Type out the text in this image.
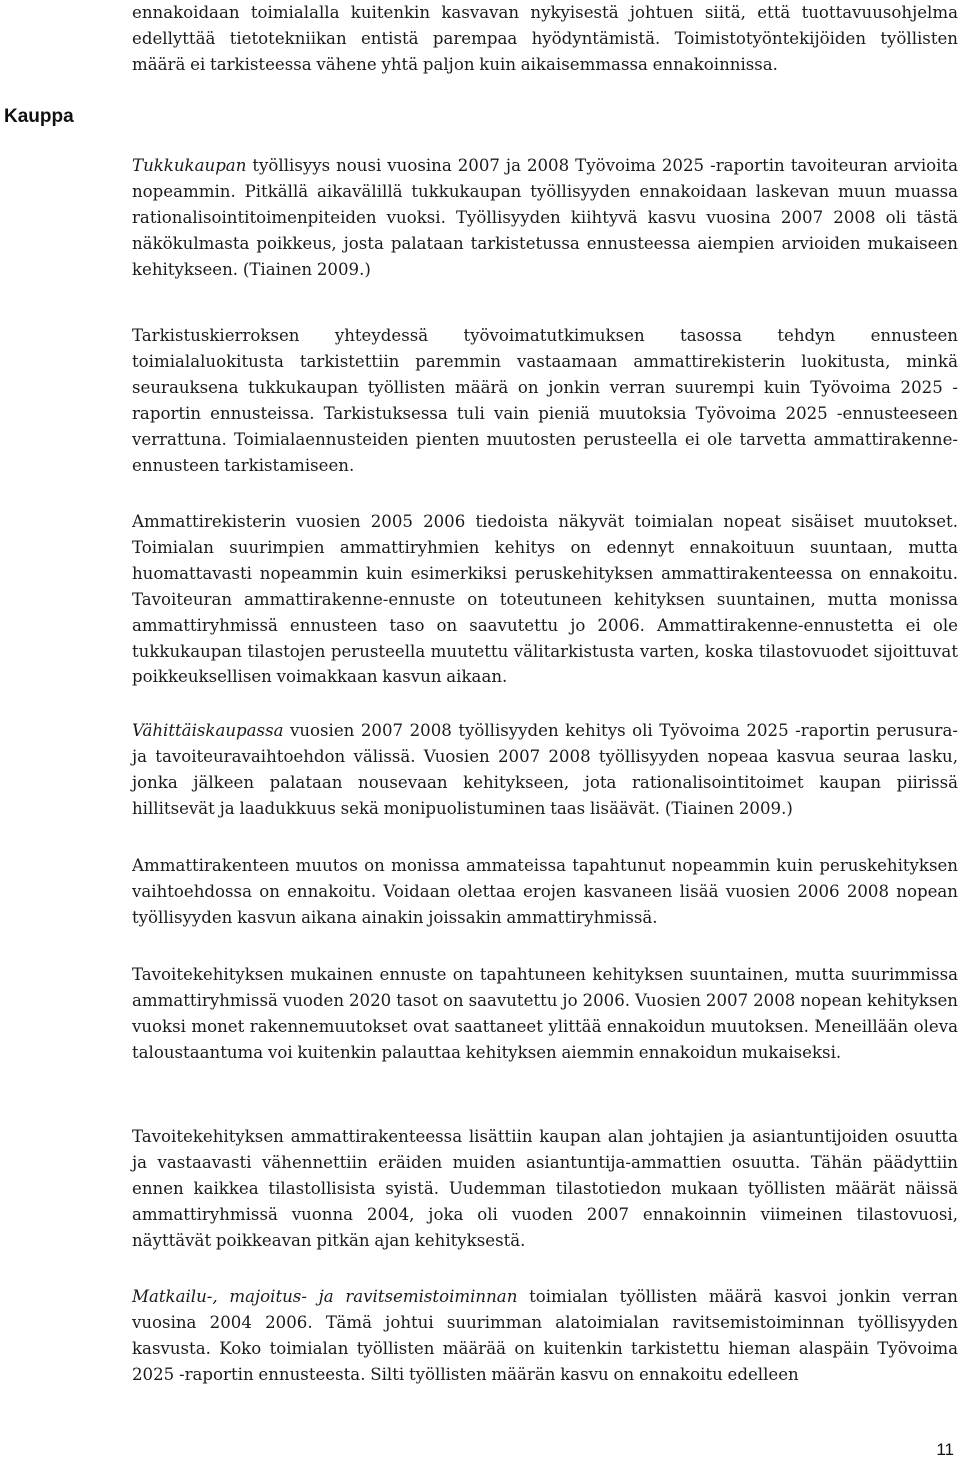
Kauppa

ennakoidaan toimialalla kuitenkin kasvavan nykyisestä johtuen siitä, että tuottavuusohjelma edellyttää tietotekniikan entistä parempaa hyödyntämistä. Toimistotyöntekijöiden työllisten määrä ei tarkisteessa vähene yhtä paljon kuin aikaisemmassa ennakoinnissa.

Tukkukaupan työllisyys nousi vuosina 2007 ja 2008 Työvoima 2025 -raportin tavoiteuran arvioita nopeammin. Pitkällä aikavälillä tukkukaupan työllisyyden ennakoidaan laskevan muun muassa rationalisointitoimenpiteiden vuoksi. Työllisyyden kiihtyvä kasvu vuosina 2007 2008 oli tästä näkökulmasta poikkeus, josta palataan tarkistetussa ennusteessa aiempien arvioiden mukaiseen kehitykseen. (Tiainen 2009.)

Tarkistuskierroksen yhteydessä työvoimatutkimuksen tasossa tehdyn ennusteen toimialaluokitusta tarkistettiin paremmin vastaamaan ammattirekisterin luokitusta, minkä seurauksena tukkukaupan työllisten määrä on jonkin verran suurempi kuin Työvoima 2025 -raportin ennusteissa. Tarkistuksessa tuli vain pieniä muutoksia Työvoima 2025 -ennusteeseen verrattuna. Toimialaennusteiden pienten muutosten perusteella ei ole tarvetta ammattirakenne-ennusteen tarkistamiseen.

Ammattirekisterin vuosien 2005 2006 tiedoista näkyvät toimialan nopeat sisäiset muutokset. Toimialan suurimpien ammattiryhmien kehitys on edennyt ennakoituun suuntaan, mutta huomattavasti nopeammin kuin esimerkiksi peruskehityksen ammattirakenteessa on ennakoitu. Tavoiteuran ammattirakenne-ennuste on toteutuneen kehityksen suuntainen, mutta monissa ammattiryhmissä ennusteen taso on saavutettu jo 2006. Ammattirakenne-ennustetta ei ole tukkukaupan tilastojen perusteella muutettu välitarkistusta varten, koska tilastovuodet sijoittuvat poikkeuksellisen voimakkaan kasvun aikaan.

Vähittäiskaupassa vuosien 2007 2008 työllisyyden kehitys oli Työvoima 2025 -raportin perusura- ja tavoiteuravaihtoehdon välissä. Vuosien 2007 2008 työllisyyden nopeaa kasvua seuraa lasku, jonka jälkeen palataan nousevaan kehitykseen, jota rationalisointitoimet kaupan piirissä hillitsevät ja laadukkuus sekä monipuolistuminen taas lisäävät. (Tiainen 2009.)

Ammattirakenteen muutos on monissa ammateissa tapahtunut nopeammin kuin peruskehityksen vaihtoehdossa on ennakoitu. Voidaan olettaa erojen kasvaneen lisää vuosien 2006 2008 nopean työllisyyden kasvun aikana ainakin joissakin ammattiryhmissä.

Tavoitekehityksen mukainen ennuste on tapahtuneen kehityksen suuntainen, mutta suurimmissa ammattiryhmissä vuoden 2020 tasot on saavutettu jo 2006. Vuosien 2007 2008 nopean kehityksen vuoksi monet rakennemuutokset ovat saattaneet ylittää ennakoidun muutoksen. Meneillään oleva taloustaantuma voi kuitenkin palauttaa kehityksen aiemmin ennakoidun mukaiseksi.

Tavoitekehityksen ammattirakenteessa lisättiin kaupan alan johtajien ja asiantuntijoiden osuutta ja vastaavasti vähennettiin eräiden muiden asiantuntija-ammattien osuutta. Tähän päädyttiin ennen kaikkea tilastollisista syistä. Uudemman tilastotiedon mukaan työllisten määrät näissä ammattiryhmissä vuonna 2004, joka oli vuoden 2007 ennakoinnin viimeinen tilastovuosi, näyttävät poikkeavan pitkän ajan kehityksestä.

Matkailu-, majoitus- ja ravitsemistoiminnan toimialan työllisten määrä kasvoi jonkin verran vuosina 2004 2006. Tämä johtui suurimman alatoimialan ravitsemistoiminnan työllisyyden kasvusta. Koko toimialan työllisten määrää on kuitenkin tarkistettu hieman alaspäin Työvoima 2025 -raportin ennusteesta. Silti työllisten määrän kasvu on ennakoitu edelleen

11
